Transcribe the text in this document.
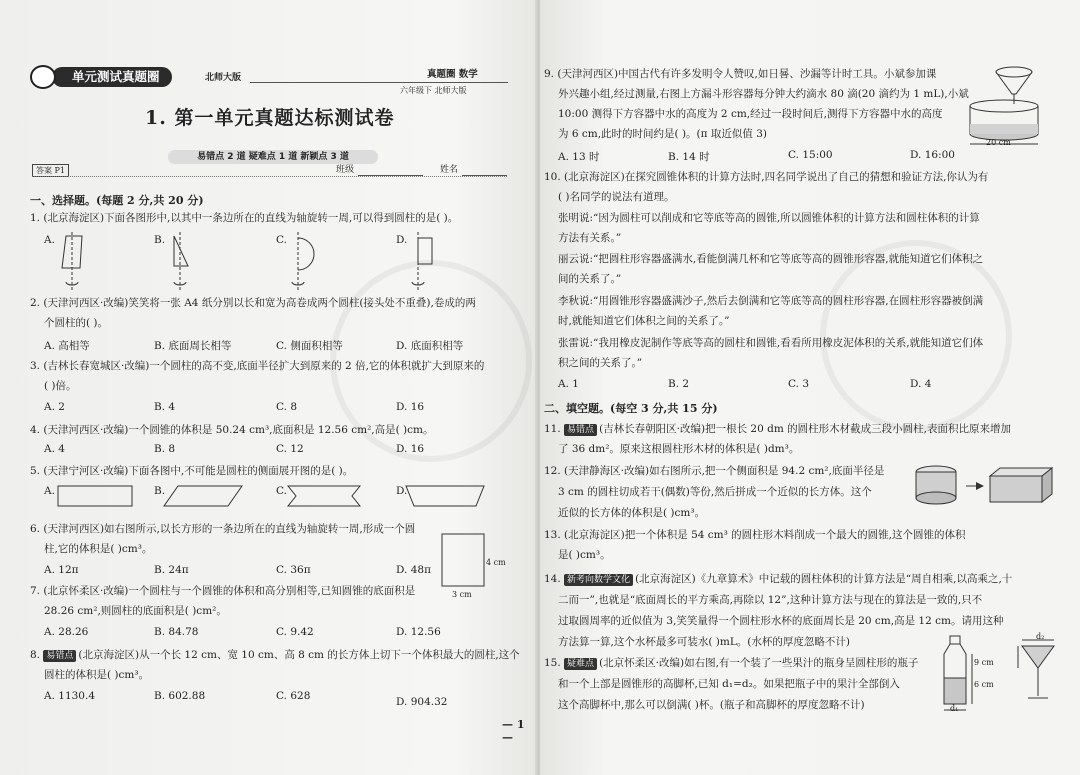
单元测试真题圈	北师大版	真题圈 数学
六年级下 北师大版
1. 第一单元真题达标测试卷
易错点 2 道 疑难点 1 道 新颖点 3 道
答案 P1	班级	姓名
一、选择题。(每题 2 分,共 20 分)
1. (北京海淀区)下面各图形中,以其中一条边所在的直线为轴旋转一周,可以得到圆柱的是( )。
A.	B.	C.	D.
2. (天津河西区·改编)笑笑将一张 A4 纸分别以长和宽为高卷成两个圆柱(接头处不重叠),卷成的两
个圆柱的( )。
A. 高相等	B. 底面周长相等	C. 侧面积相等	D. 底面积相等
3. (吉林长春宽城区·改编)一个圆柱的高不变,底面半径扩大到原来的 2 倍,它的体积就扩大到原来的
( )倍。
A. 2	B. 4	C. 8	D. 16
4. (天津河西区·改编)一个圆锥的体积是 50.24 cm³,底面积是 12.56 cm²,高是( )cm。
A. 4	B. 8	C. 12	D. 16
5. (天津宁河区·改编)下面各图中,不可能是圆柱的侧面展开图的是( )。
A.	B.	C.	D.
6. (天津河西区)如右图所示,以长方形的一条边所在的直线为轴旋转一周,形成一个圆
柱,它的体积是( )cm³。
A. 12π	B. 24π	C. 36π	D. 48π
4 cm
3 cm
7. (北京怀柔区·改编)一个圆柱与一个圆锥的体积和高分别相等,已知圆锥的底面积是
28.26 cm²,则圆柱的底面积是( )cm²。
A. 28.26	B. 84.78	C. 9.42	D. 12.56
8. 易错点 (北京海淀区)从一个长 12 cm、宽 10 cm、高 8 cm 的长方体上切下一个体积最大的圆柱,这个
圆柱的体积是( )cm³。
A. 1130.4	B. 602.88	C. 628	D. 904.32
— 1 —
9. (天津河西区)中国古代有许多发明令人赞叹,如日晷、沙漏等计时工具。小斌参加课
外兴趣小组,经过测量,右图上方漏斗形容器每分钟大约滴水 80 滴(20 滴约为 1 mL),小斌
10:00 测得下方容器中水的高度为 2 cm,经过一段时间后,测得下方容器中水的高度
为 6 cm,此时的时间约是( )。(π 取近似值 3)
A. 13 时	B. 14 时	C. 15:00	D. 16:00
20 cm
10. (北京海淀区)在探究圆锥体积的计算方法时,四名同学说出了自己的猜想和验证方法,你认为有
( )名同学的说法有道理。
张明说:“因为圆柱可以削成和它等底等高的圆锥,所以圆锥体积的计算方法和圆柱体积的计算
方法有关系。”
丽云说:“把圆柱形容器盛满水,看能倒满几杯和它等底等高的圆锥形容器,就能知道它们体积之
间的关系了。”
李秋说:“用圆锥形容器盛满沙子,然后去倒满和它等底等高的圆柱形容器,在圆柱形容器被倒满
时,就能知道它们体积之间的关系了。”
张雷说:“我用橡皮泥制作等底等高的圆柱和圆锥,看看所用橡皮泥体积的关系,就能知道它们体
积之间的关系了。”
A. 1	B. 2	C. 3	D. 4
二、填空题。(每空 3 分,共 15 分)
11. 易错点 (吉林长春朝阳区·改编)把一根长 20 dm 的圆柱形木材截成三段小圆柱,表面积比原来增加
了 36 dm²。原来这根圆柱形木材的体积是( )dm³。
12. (天津静海区·改编)如右图所示,把一个侧面积是 94.2 cm²,底面半径是
3 cm 的圆柱切成若干(偶数)等份,然后拼成一个近似的长方体。这个
近似的长方体的体积是( )cm³。
13. (北京海淀区)把一个体积是 54 cm³ 的圆柱形木料削成一个最大的圆锥,这个圆锥的体积
是( )cm³。
14. 新考向数学文化 (北京海淀区)《九章算术》中记载的圆柱体积的计算方法是“周自相乘,以高乘之,十
二而一”,也就是“底面周长的平方乘高,再除以 12”,这种计算方法与现在的算法是一致的,只不
过取圆周率的近似值为 3,笑笑量得一个圆柱形水杯的底面周长是 20 cm,高是 12 cm。请用这种
方法算一算,这个水杯最多可装水( )mL。(水杯的厚度忽略不计)
15. 疑难点 (北京怀柔区·改编)如右图,有一个装了一些果汁的瓶身呈圆柱形的瓶子
和一个上部是圆锥形的高脚杯,已知 d₁=d₂。如果把瓶子中的果汁全部倒入
这个高脚杯中,那么可以倒满( )杯。(瓶子和高脚杯的厚度忽略不计)
9 cm
6 cm
d₁
d₂
